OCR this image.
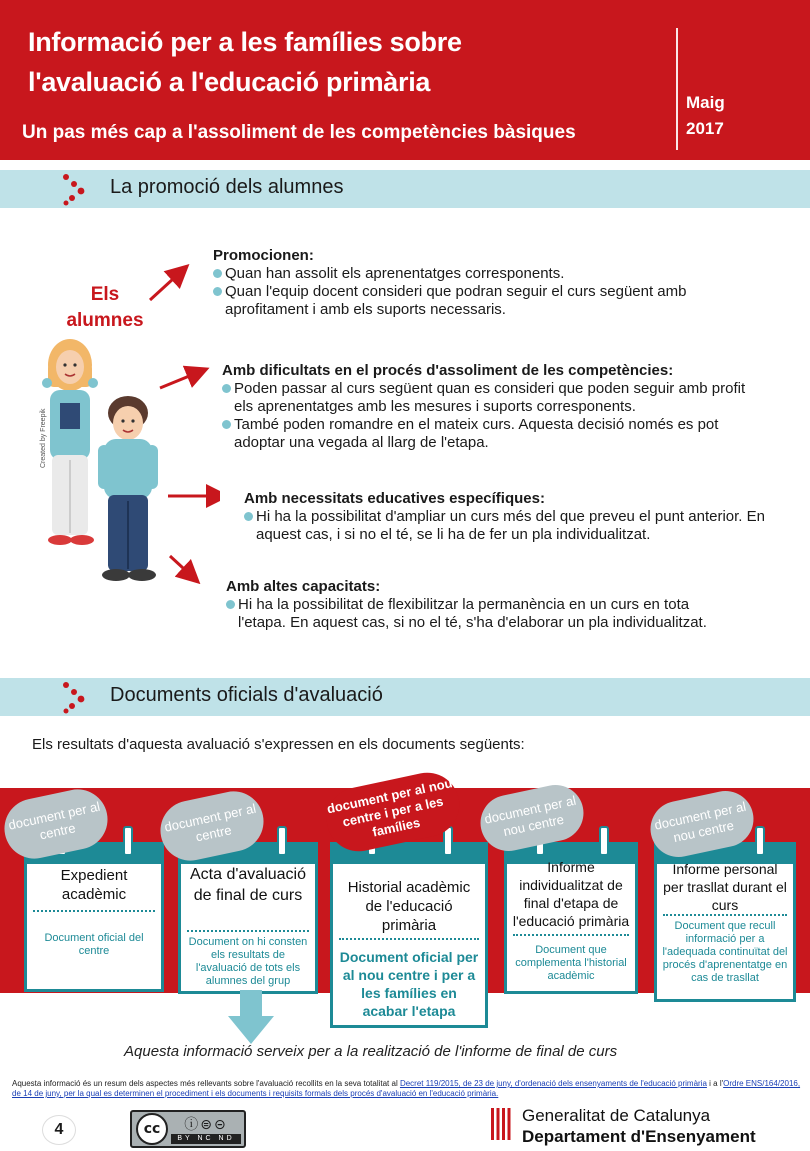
Informació per a les famílies sobre
l'avaluació a l'educació primària
Un pas més cap a l'assoliment de les competències bàsiques
Maig
2017
La promoció dels alumnes
Els
alumnes
Created by Freepik
Promocionen:
Quan han assolit els aprenentatges corresponents.
Quan l'equip docent consideri que podran seguir el curs següent amb aprofitament i amb els suports necessaris.
Amb dificultats en el procés d'assoliment de les competències:
Poden passar al curs següent quan es consideri que poden seguir amb profit els aprenentatges amb les mesures i suports corresponents.
També poden romandre en el mateix curs. Aquesta decisió només es pot adoptar una vegada al llarg de l'etapa.
Amb necessitats educatives específiques:
Hi ha la possibilitat d'ampliar un curs més del que preveu el punt anterior. En aquest cas, i si no el té, se li ha de fer un pla individualitzat.
Amb altes capacitats:
Hi ha la possibilitat de flexibilitzar la permanència en un curs en tota l'etapa. En aquest cas, si no el té, s'ha d'elaborar un pla individualitzat.
Documents oficials d'avaluació
Els resultats d'aquesta avaluació s'expressen en els documents següents:
Expedient acadèmic
Document oficial del centre
document per al centre
Acta d'avaluació de final de curs
Document on hi consten els resultats de l'avaluació de tots els alumnes del grup
document per al centre
Historial acadèmic de l'educació primària
Document oficial per al nou centre i per a les famílies en acabar l'etapa
document per al nou centre i per a les famílies
Informe individualitzat de final d'etapa de l'educació primària
Document que complementa l'historial acadèmic
document per al nou centre
Informe personal per trasllat durant el curs
Document que recull informació per a l'adequada continuïtat del procés d'aprenentatge en cas de trasllat
document per al nou centre
Aquesta informació serveix per a la realització de l'informe de final de curs
Aquesta informació és un resum dels aspectes més rellevants sobre l'avaluació recollits en la seva totalitat al Decret 119/2015, de 23 de juny, d'ordenació dels ensenyaments de l'educació primària i a l'Ordre ENS/164/2016, de 14 de juny, per la qual es determinen el procediment i els documents i requisits formals dels procés d'avaluació en l'educació primària.
4	cc	ⓘ⊜⊝
BY NC ND
Generalitat de Catalunya
Departament d'Ensenyament
